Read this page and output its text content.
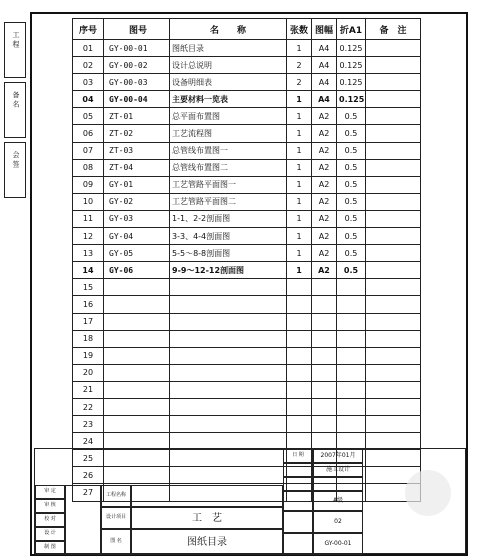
工 程
备 名
会 签
序号	图号	名　　称	张数	图幅	折A1	备　注
01	GY-00-01	图纸目录	1	A4	0.125	
02	GY-00-02	设计总说明	2	A4	0.125	
03	GY-00-03	设备明细表	2	A4	0.125	
04	GY-00-04	主要材料一览表	1	A4	0.125	
05	ZT-01	总平面布置图	1	A2	0.5	
06	ZT-02	工艺流程图	1	A2	0.5	
07	ZT-03	总管线布置图一	1	A2	0.5	
08	ZT-04	总管线布置图二	1	A2	0.5	
09	GY-01	工艺管路平面图一	1	A2	0.5	
10	GY-02	工艺管路平面图二	1	A2	0.5	
11	GY-03	1-1、2-2剖面图	1	A2	0.5	
12	GY-04	3-3、4-4剖面图	1	A2	0.5	
13	GY-05	5-5～8-8剖面图	1	A2	0.5	
14	GY-06	9-9～12-12剖面图	1	A2	0.5	
15						
16						
17						
18						
19						
20						
21						
22						
23						
24						
25						
26						
27						
日 期	2007年01月
施工设计
A级
02
GY-00-01
审 定
审 核
校 对
设 计
制 图
工程名称
设计项目	工　艺
图 名	图纸目录
